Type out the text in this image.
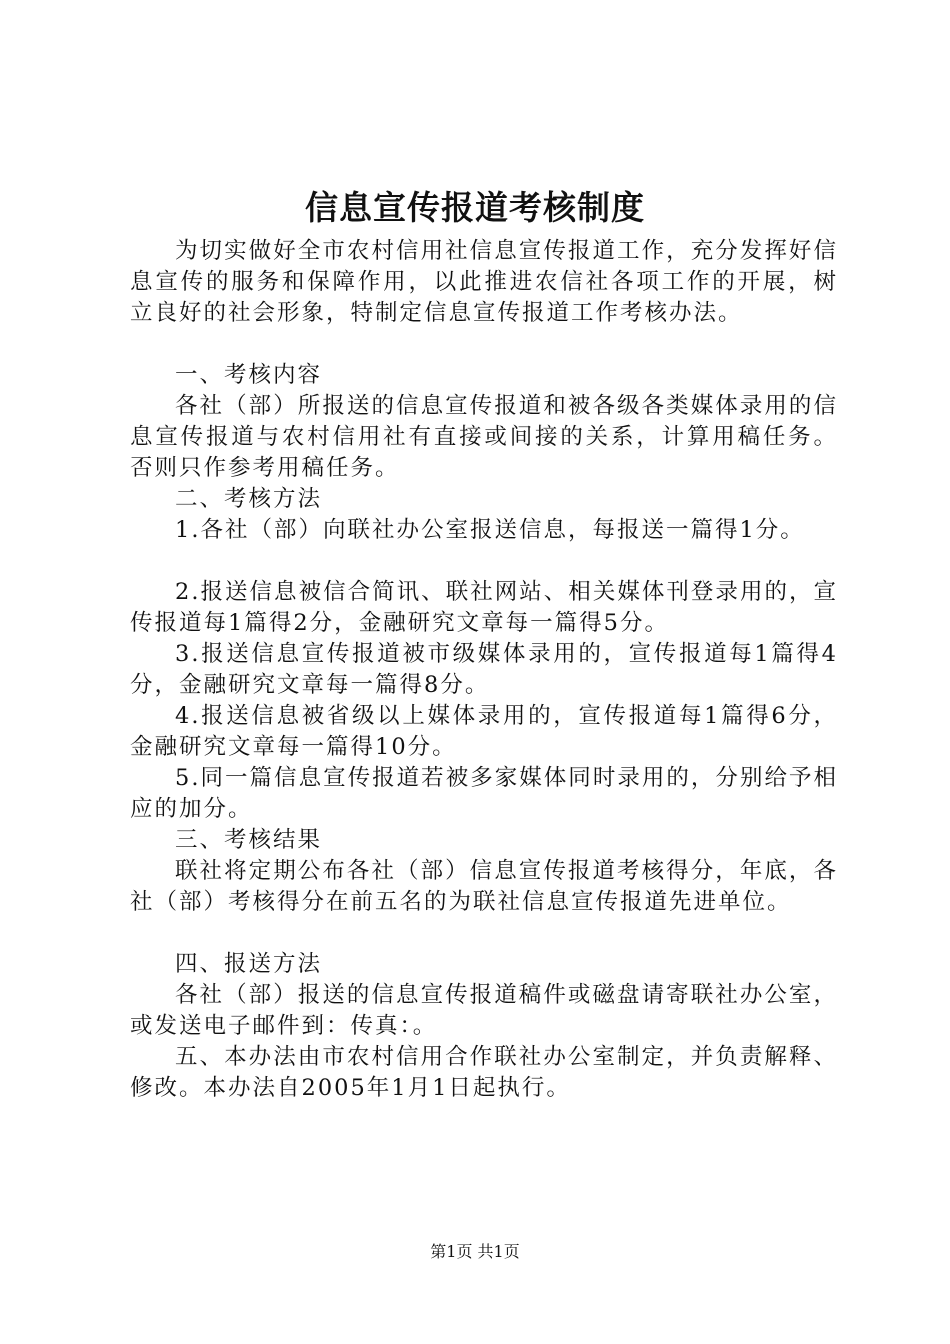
信息宣传报道考核制度

为切实做好全市农村信用社信息宣传报道工作，充分发挥好信息宣传的服务和保障作用，以此推进农信社各项工作的开展，树立良好的社会形象，特制定信息宣传报道工作考核办法。

一、考核内容

各社（部）所报送的信息宣传报道和被各级各类媒体录用的信息宣传报道与农村信用社有直接或间接的关系，计算用稿任务。否则只作参考用稿任务。

二、考核方法

1.各社（部）向联社办公室报送信息，每报送一篇得1分。

2.报送信息被信合简讯、联社网站、相关媒体刊登录用的，宣传报道每1篇得2分，金融研究文章每一篇得5分。

3.报送信息宣传报道被市级媒体录用的，宣传报道每1篇得4分，金融研究文章每一篇得8分。

4.报送信息被省级以上媒体录用的，宣传报道每1篇得6分，金融研究文章每一篇得10分。

5.同一篇信息宣传报道若被多家媒体同时录用的，分别给予相应的加分。

三、考核结果

联社将定期公布各社（部）信息宣传报道考核得分，年底，各社（部）考核得分在前五名的为联社信息宣传报道先进单位。

四、报送方法

各社（部）报送的信息宣传报道稿件或磁盘请寄联社办公室，或发送电子邮件到：传真：。

五、本办法由市农村信用合作联社办公室制定，并负责解释、修改。本办法自2005年1月1日起执行。

第1页 共1页
